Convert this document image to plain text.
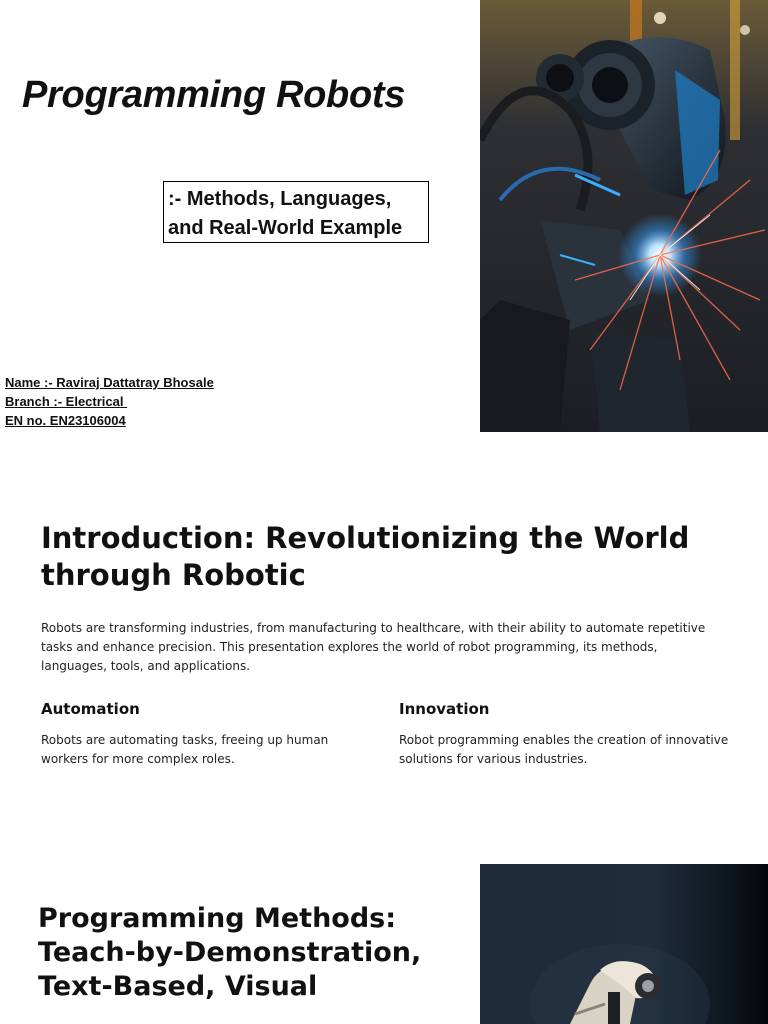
Programming Robots
:- Methods, Languages, and Real-World Example
Name :- Raviraj Dattatray Bhosale
Branch :- Electrical
EN no. EN23106004
Introduction: Revolutionizing the World through Robotic

Robots are transforming industries, from manufacturing to healthcare, with their ability to automate repetitive tasks and enhance precision. This presentation explores the world of robot programming, its methods, languages, tools, and applications.

Automation

Robots are automating tasks, freeing up human workers for more complex roles.

Innovation

Robot programming enables the creation of innovative solutions for various industries.

Programming Methods: Teach-by-Demonstration, Text-Based, Visual
